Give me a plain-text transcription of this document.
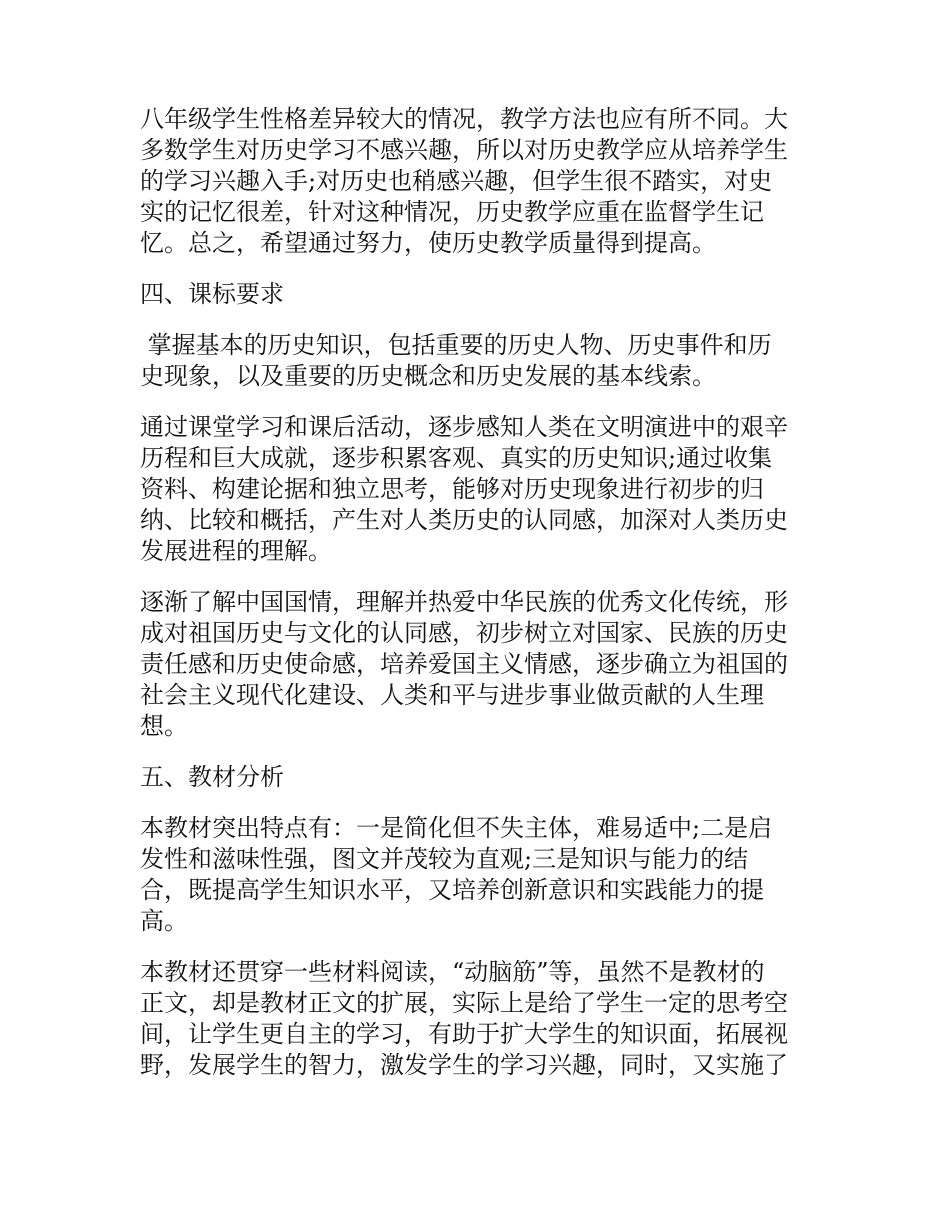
八年级学生性格差异较大的情况，教学方法也应有所不同。大
多数学生对历史学习不感兴趣，所以对历史教学应从培养学生
的学习兴趣入手;对历史也稍感兴趣，但学生很不踏实，对史
实的记忆很差，针对这种情况，历史教学应重在监督学生记
忆。总之，希望通过努力，使历史教学质量得到提高。

四、课标要求

掌握基本的历史知识，包括重要的历史人物、历史事件和历
史现象，以及重要的历史概念和历史发展的基本线索。

通过课堂学习和课后活动，逐步感知人类在文明演进中的艰辛
历程和巨大成就，逐步积累客观、真实的历史知识;通过收集
资料、构建论据和独立思考，能够对历史现象进行初步的归
纳、比较和概括，产生对人类历史的认同感，加深对人类历史
发展进程的理解。

逐渐了解中国国情，理解并热爱中华民族的优秀文化传统，形
成对祖国历史与文化的认同感，初步树立对国家、民族的历史
责任感和历史使命感，培养爱国主义情感，逐步确立为祖国的
社会主义现代化建设、人类和平与进步事业做贡献的人生理
想。

五、教材分析

本教材突出特点有：一是简化但不失主体，难易适中;二是启
发性和滋味性强，图文并茂较为直观;三是知识与能力的结
合，既提高学生知识水平，又培养创新意识和实践能力的提
高。

本教材还贯穿一些材料阅读，“动脑筋”等，虽然不是教材的
正文，却是教材正文的扩展，实际上是给了学生一定的思考空
间，让学生更自主的学习，有助于扩大学生的知识面，拓展视
野，发展学生的智力，激发学生的学习兴趣，同时，又实施了
